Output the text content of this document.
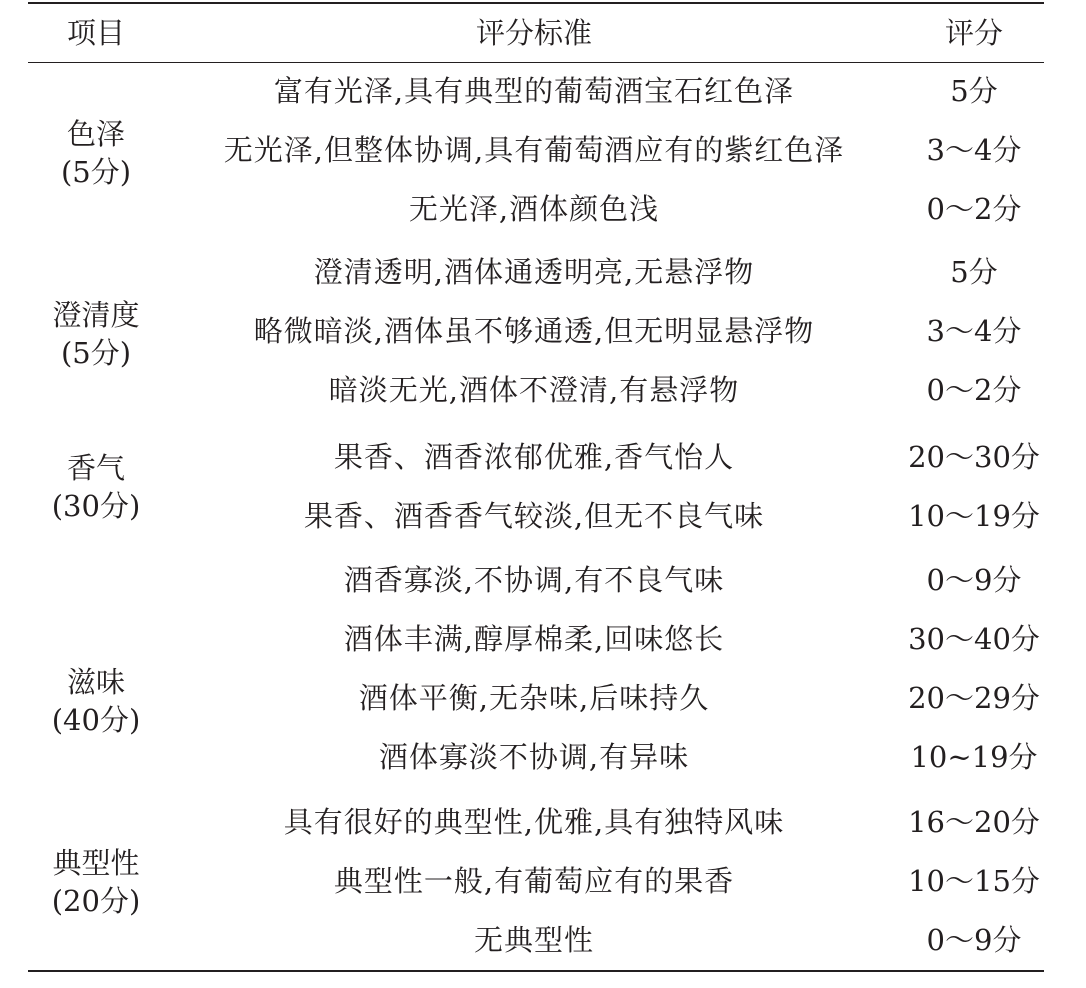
项目	评分标准	评分
色泽
(5分)
富有光泽,具有典型的葡萄酒宝石红色泽	5分
无光泽,但整体协调,具有葡萄酒应有的紫红色泽	3～4分
无光泽,酒体颜色浅	0～2分
澄清度
(5分)
澄清透明,酒体通透明亮,无悬浮物	5分
略微暗淡,酒体虽不够通透,但无明显悬浮物	3～4分
暗淡无光,酒体不澄清,有悬浮物	0～2分
香气
(30分)
果香、酒香浓郁优雅,香气怡人	20～30分
果香、酒香香气较淡,但无不良气味	10～19分
酒香寡淡,不协调,有不良气味	0～9分
滋味
(40分)
酒体丰满,醇厚棉柔,回味悠长	30～40分
酒体平衡,无杂味,后味持久	20～29分
酒体寡淡不协调,有异味	10~19分
典型性
(20分)
具有很好的典型性,优雅,具有独特风味	16～20分
典型性一般,有葡萄应有的果香	10～15分
无典型性	0～9分
